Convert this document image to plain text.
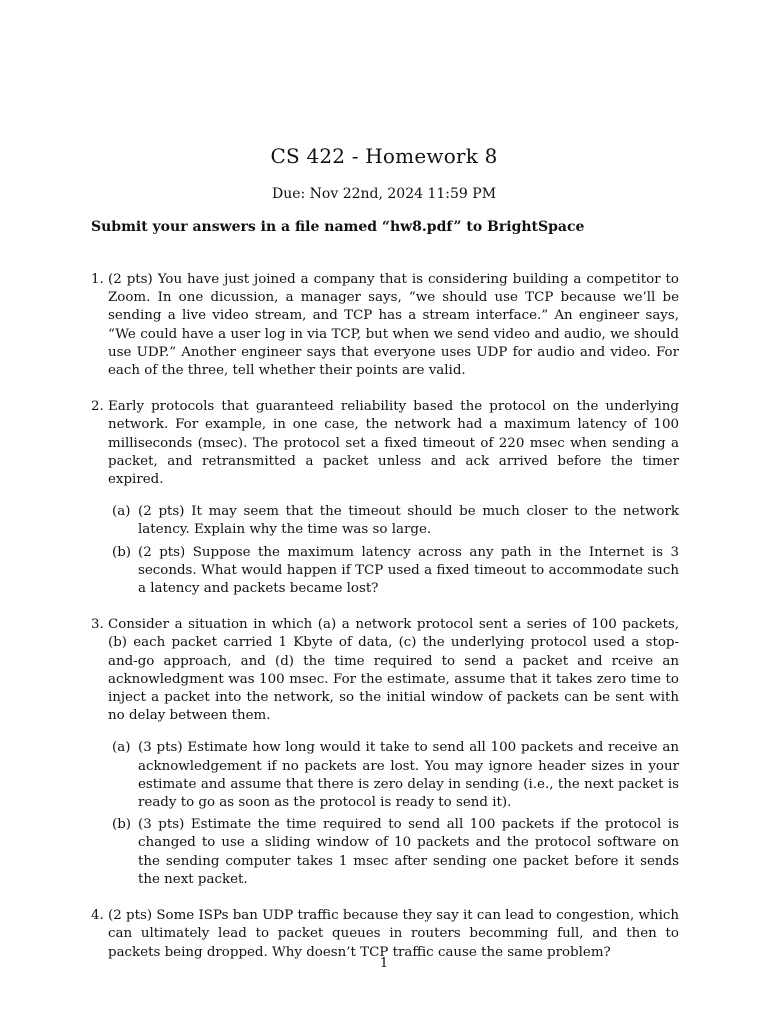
CS 422 - Homework 8
Due: Nov 22nd, 2024 11:59 PM
Submit your answers in a file named “hw8.pdf” to BrightSpace
1. (2 pts) You have just joined a company that is considering building a competitor to Zoom. In one dicussion, a manager says, “we should use TCP because we’ll be sending a live video stream, and TCP has a stream interface.” An engineer says, “We could have a user log in via TCP, but when we send video and audio, we should use UDP.” Another engineer says that everyone uses UDP for audio and video. For each of the three, tell whether their points are valid.
2. Early protocols that guaranteed reliability based the protocol on the underlying network. For example, in one case, the network had a maximum latency of 100 milliseconds (msec). The protocol set a fixed timeout of 220 msec when sending a packet, and retransmitted a packet unless and ack arrived before the timer expired.
(a) (2 pts) It may seem that the timeout should be much closer to the network latency. Explain why the time was so large.
(b) (2 pts) Suppose the maximum latency across any path in the Internet is 3 seconds. What would happen if TCP used a fixed timeout to accommodate such a latency and packets became lost?
3. Consider a situation in which (a) a network protocol sent a series of 100 packets, (b) each packet carried 1 Kbyte of data, (c) the underlying protocol used a stop-and-go approach, and (d) the time required to send a packet and rceive an acknowledgment was 100 msec. For the estimate, assume that it takes zero time to inject a packet into the network, so the initial window of packets can be sent with no delay between them.
(a) (3 pts) Estimate how long would it take to send all 100 packets and receive an acknowledgement if no packets are lost. You may ignore header sizes in your estimate and assume that there is zero delay in sending (i.e., the next packet is ready to go as soon as the protocol is ready to send it).
(b) (3 pts) Estimate the time required to send all 100 packets if the protocol is changed to use a sliding window of 10 packets and the protocol software on the sending computer takes 1 msec after sending one packet before it sends the next packet.
4. (2 pts) Some ISPs ban UDP traffic because they say it can lead to congestion, which can ultimately lead to packet queues in routers becomming full, and then to packets being dropped. Why doesn’t TCP traffic cause the same problem?
1
